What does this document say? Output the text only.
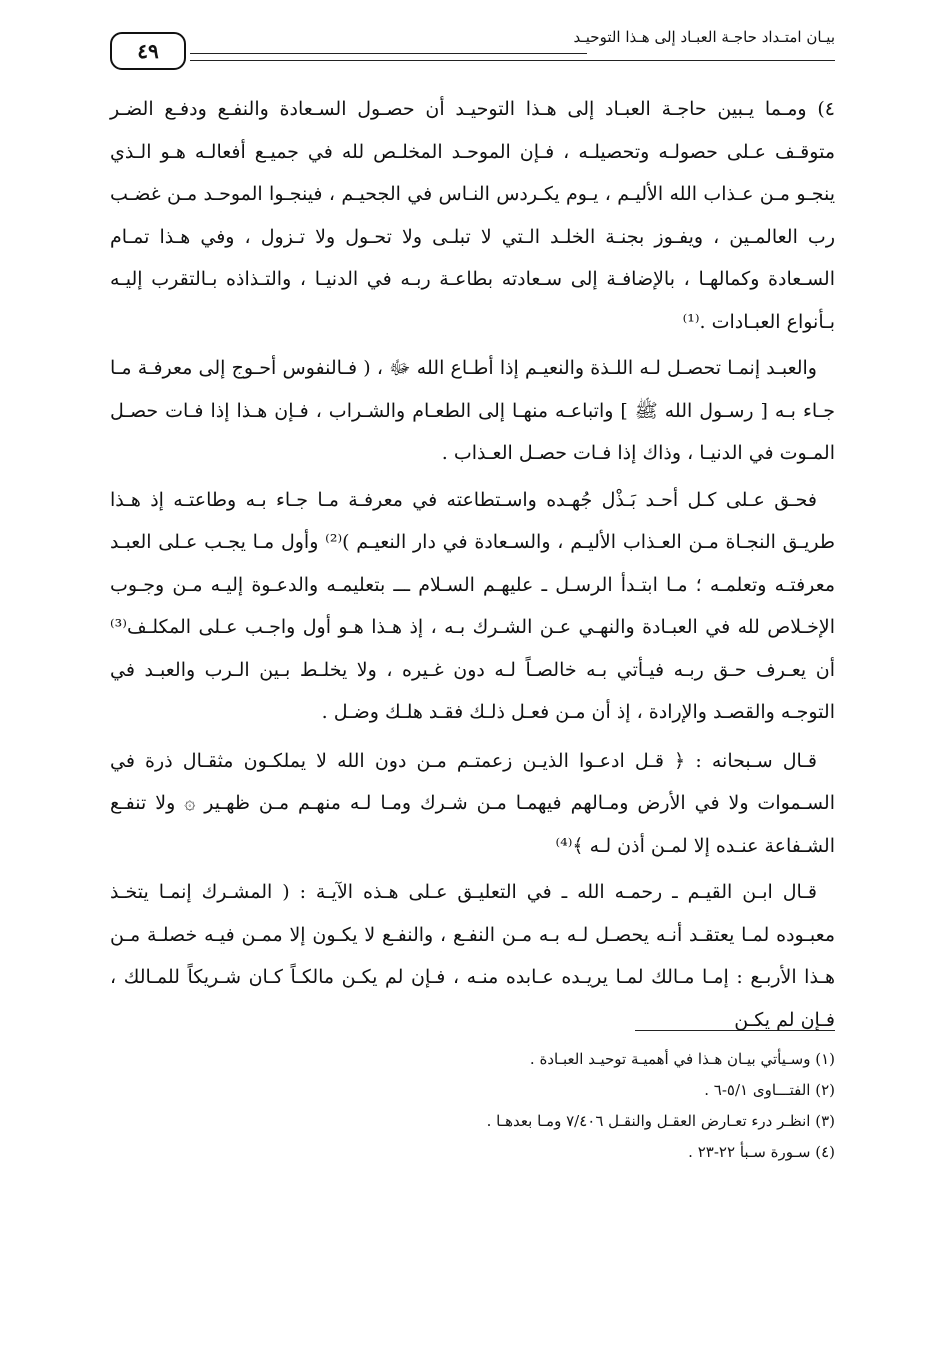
بيـان امتـداد حاجـة العبـاد إلى هـذا التوحيـد
٤٩

٤) ومـما يـبين حاجـة العبـاد إلى هـذا التوحيـد أن حصـول السـعادة والنفـع ودفـع الضـر متوقـف عـلى حصولـه وتحصيلـه ، فـإن الموحـد المخلـص لله في جميـع أفعالـه هـو الـذي ينجـو مـن عـذاب الله الأليـم ، يـوم يكـردس النـاس في الجحيـم ، فينجـوا الموحـد مـن غضـب رب العالمـين ، ويفـوز بجنـة الخلـد الـتي لا تبلـى ولا تحـول ولا تـزول ، وفي هـذا تمـام السـعادة وكمالهـا ، بالإضافـة إلى سـعادته بطاعـة ربـه في الدنيـا ، والتـذاذه بـالتقرب إليـه بـأنواع العبـادات .⁽¹⁾

والعبـد إنمـا تحصـل لـه اللـذة والنعيـم إذا أطـاع الله ﷻ ، ( فـالنفوس أحـوج إلى معرفـة مـا جـاء بـه [ رسـول الله ﷺ ] واتباعـه منهـا إلى الطعـام والشـراب ، فـإن هـذا إذا فـات حصـل المـوت في الدنيـا ، وذاك إذا فـات حصـل العـذاب .

فحـق عـلى كـل أحـد بَـذْل جُهـده واسـتطاعته في معرفـة مـا جـاء بـه وطاعتـه إذ هـذا طريـق النجـاة مـن العـذاب الأليـم ، والسـعادة في دار النعيـم )⁽²⁾ وأول مـا يجـب عـلى العبـد معرفتـه وتعلمـه ؛ مـا ابتـدأ الرسـل ـ عليهـم السـلام ـــ بتعليمـه والدعـوة إليـه مـن وجـوب الإخـلاص لله في العبـادة والنهـي عـن الشـرك بـه ، إذ هـذا هـو أول واجـب عـلى المكلـف⁽³⁾ أن يعـرف حـق ربـه فيـأتي بـه خالصـاً لـه دون غـيره ، ولا يخلـط بـين الـرب والعبـد في التوجـه والقصـد والإرادة ، إذ أن مـن فعـل ذلـك فقـد هلـك وضـل .

قـال سـبحانه : ﴿ قـل ادعـوا الذيـن زعمتـم مـن دون الله لا يملكـون مثقـال ذرة في السـموات ولا في الأرض ومـالهم فيهمـا مـن شـرك ومـا لـه منهـم مـن ظهـير ۞ ولا تنفـع الشـفاعة عنـده إلا لمـن أذن لـه ﴾⁽⁴⁾

قـال ابـن القيـم ـ رحمـه الله ـ في التعليـق عـلى هـذه الآيـة : ( المشـرك إنمـا يتخـذ معبـوده لمـا يعتقـد أنـه يحصـل لـه بـه مـن النفـع ، والنفـع لا يكـون إلا ممـن فيـه خصلـة مـن هـذا الأربـع : إمـا مـالك لمـا يريـده عـابده منـه ، فـإن لم يكـن مالكـاً كـان شـريكاً للمـالك ، فـإن لم يكـن

(١) وسـيأتي بيـان هـذا في أهميـة توحيـد العبـادة .

(٢) الفتـــاوى ٥/١-٦ .

(٣) انظـر درء تعـارض العقـل والنقـل ٧/٤٠٦ ومـا بعدهـا .

(٤) سـورة سـبأ ٢٢-٢٣ .
